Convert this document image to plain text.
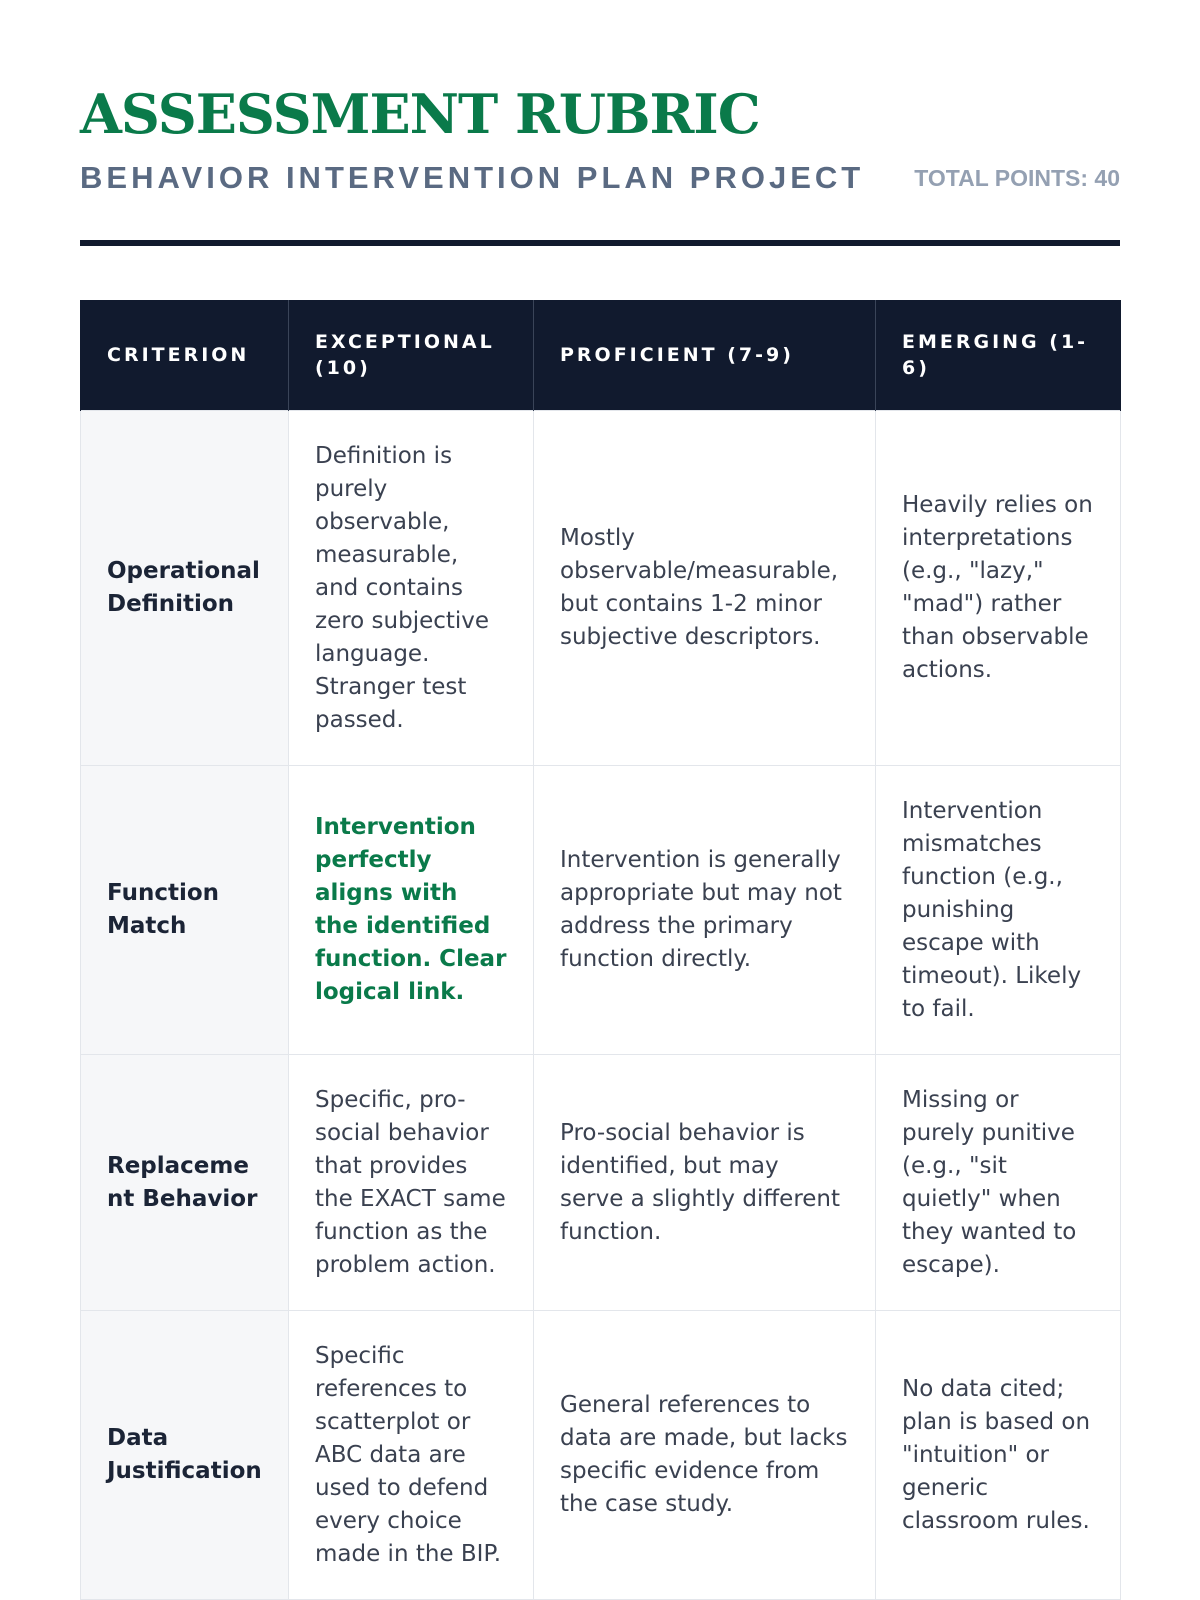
ASSESSMENT RUBRIC
BEHAVIOR INTERVENTION PLAN PROJECT TOTAL POINTS: 40
CRITERION	EXCEPTIONAL (10)	PROFICIENT (7-9)	EMERGING (1-6)
Operational Definition	Definition is purely observable, measurable, and contains zero subjective language. Stranger test passed.	Mostly observable/measurable, but contains 1-2 minor subjective descriptors.	Heavily relies on interpretations (e.g., "lazy," "mad") rather than observable actions.
Function Match	Intervention perfectly aligns with the identified function. Clear logical link.	Intervention is generally appropriate but may not address the primary function directly.	Intervention mismatches function (e.g., punishing escape with timeout). Likely to fail.
Replacement Behavior	Specific, pro-social behavior that provides the EXACT same function as the problem action.	Pro-social behavior is identified, but may serve a slightly different function.	Missing or purely punitive (e.g., "sit quietly" when they wanted to escape).
Data Justification	Specific references to scatterplot or ABC data are used to defend every choice made in the BIP.	General references to data are made, but lacks specific evidence from the case study.	No data cited; plan is based on "intuition" or generic classroom rules.
